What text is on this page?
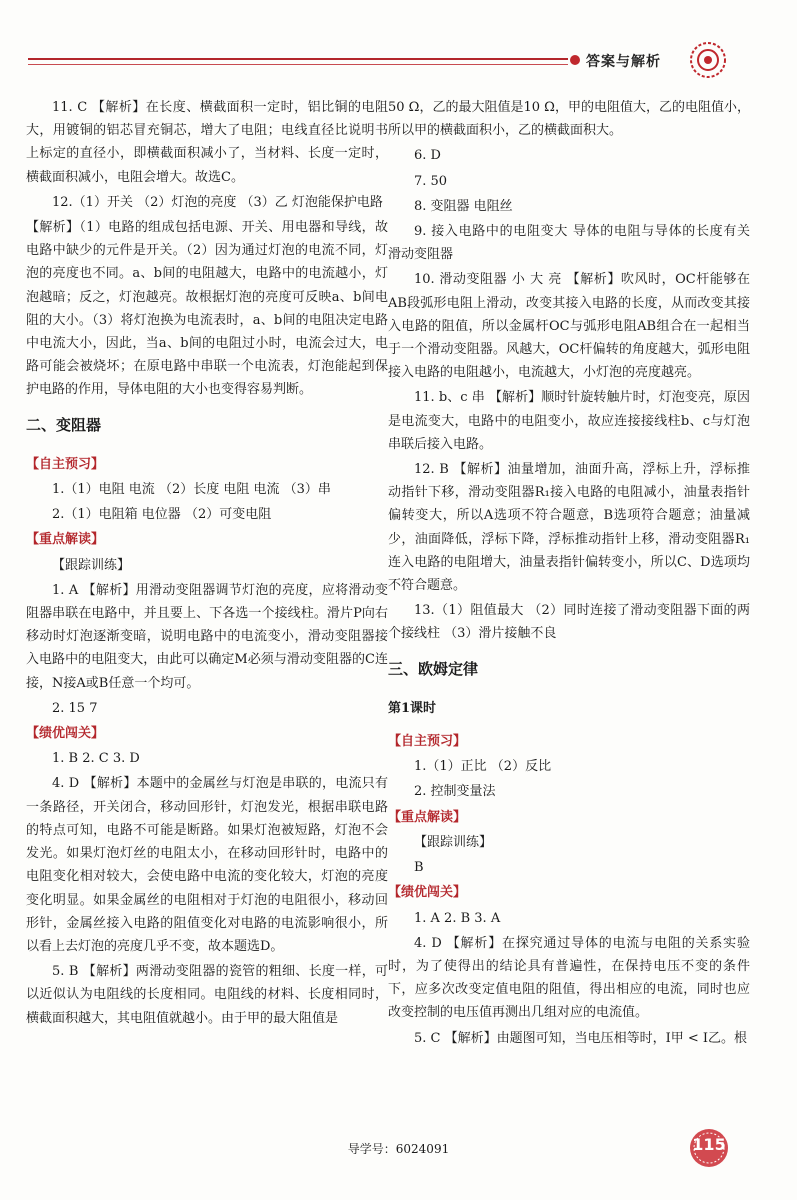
答案与解析

11. C 【解析】在长度、横截面积一定时，铝比铜的电阻大，用镀铜的铝芯冒充铜芯，增大了电阻；电线直径比说明书上标定的直径小，即横截面积减小了，当材料、长度一定时，横截面积减小，电阻会增大。故选C。

12.（1）开关 （2）灯泡的亮度 （3）乙 灯泡能保护电路

【解析】（1）电路的组成包括电源、开关、用电器和导线，故电路中缺少的元件是开关。（2）因为通过灯泡的电流不同，灯泡的亮度也不同。a、b间的电阻越大，电路中的电流越小，灯泡越暗；反之，灯泡越亮。故根据灯泡的亮度可反映a、b间电阻的大小。（3）将灯泡换为电流表时，a、b间的电阻决定电路中电流大小，因此，当a、b间的电阻过小时，电流会过大，电路可能会被烧坏；在原电路中串联一个电流表，灯泡能起到保护电路的作用，导体电阻的大小也变得容易判断。

二、变阻器

【自主预习】

1.（1）电阻 电流 （2）长度 电阻 电流 （3）串

2.（1）电阻箱 电位器 （2）可变电阻

【重点解读】

【跟踪训练】

1. A 【解析】用滑动变阻器调节灯泡的亮度，应将滑动变阻器串联在电路中，并且要上、下各选一个接线柱。滑片P向右移动时灯泡逐渐变暗，说明电路中的电流变小，滑动变阻器接入电路中的电阻变大，由此可以确定M必须与滑动变阻器的C连接，N接A或B任意一个均可。

2. 15 7

【绩优闯关】

1. B 2. C 3. D

4. D 【解析】本题中的金属丝与灯泡是串联的，电流只有一条路径，开关闭合，移动回形针，灯泡发光，根据串联电路的特点可知，电路不可能是断路。如果灯泡被短路，灯泡不会发光。如果灯泡灯丝的电阻太小，在移动回形针时，电路中的电阻变化相对较大，会使电路中电流的变化较大，灯泡的亮度变化明显。如果金属丝的电阻相对于灯泡的电阻很小，移动回形针，金属丝接入电路的阻值变化对电路的电流影响很小，所以看上去灯泡的亮度几乎不变，故本题选D。

5. B 【解析】两滑动变阻器的瓷管的粗细、长度一样，可以近似认为电阻线的长度相同。电阻线的材料、长度相同时，横截面积越大，其电阻值就越小。由于甲的最大阻值是

50 Ω，乙的最大阻值是10 Ω，甲的电阻值大，乙的电阻值小，所以甲的横截面积小，乙的横截面积大。

6. D

7. 50

8. 变阻器 电阻丝

9. 接入电路中的电阻变大 导体的电阻与导体的长度有关 滑动变阻器

10. 滑动变阻器 小 大 亮 【解析】吹风时，OC杆能够在AB段弧形电阻上滑动，改变其接入电路的长度，从而改变其接入电路的阻值，所以金属杆OC与弧形电阻AB组合在一起相当于一个滑动变阻器。风越大，OC杆偏转的角度越大，弧形电阻接入电路的电阻越小，电流越大，小灯泡的亮度越亮。

11. b、c 串 【解析】顺时针旋转触片时，灯泡变亮，原因是电流变大，电路中的电阻变小，故应连接接线柱b、c与灯泡串联后接入电路。

12. B 【解析】油量增加，油面升高，浮标上升，浮标推动指针下移，滑动变阻器R₁接入电路的电阻减小，油量表指针偏转变大，所以A选项不符合题意，B选项符合题意；油量减少，油面降低，浮标下降，浮标推动指针上移，滑动变阻器R₁连入电路的电阻增大，油量表指针偏转变小，所以C、D选项均不符合题意。

13.（1）阻值最大 （2）同时连接了滑动变阻器下面的两个接线柱 （3）滑片接触不良

三、欧姆定律

第1课时

【自主预习】

1.（1）正比 （2）反比

2. 控制变量法

【重点解读】

【跟踪训练】

B

【绩优闯关】

1. A 2. B 3. A

4. D 【解析】在探究通过导体的电流与电阻的关系实验时，为了使得出的结论具有普遍性，在保持电压不变的条件下，应多次改变定值电阻的阻值，得出相应的电流，同时也应改变控制的电压值再测出几组对应的电流值。

5. C 【解析】由题图可知，当电压相等时，I甲 < I乙。根

导学号：6024091	115
